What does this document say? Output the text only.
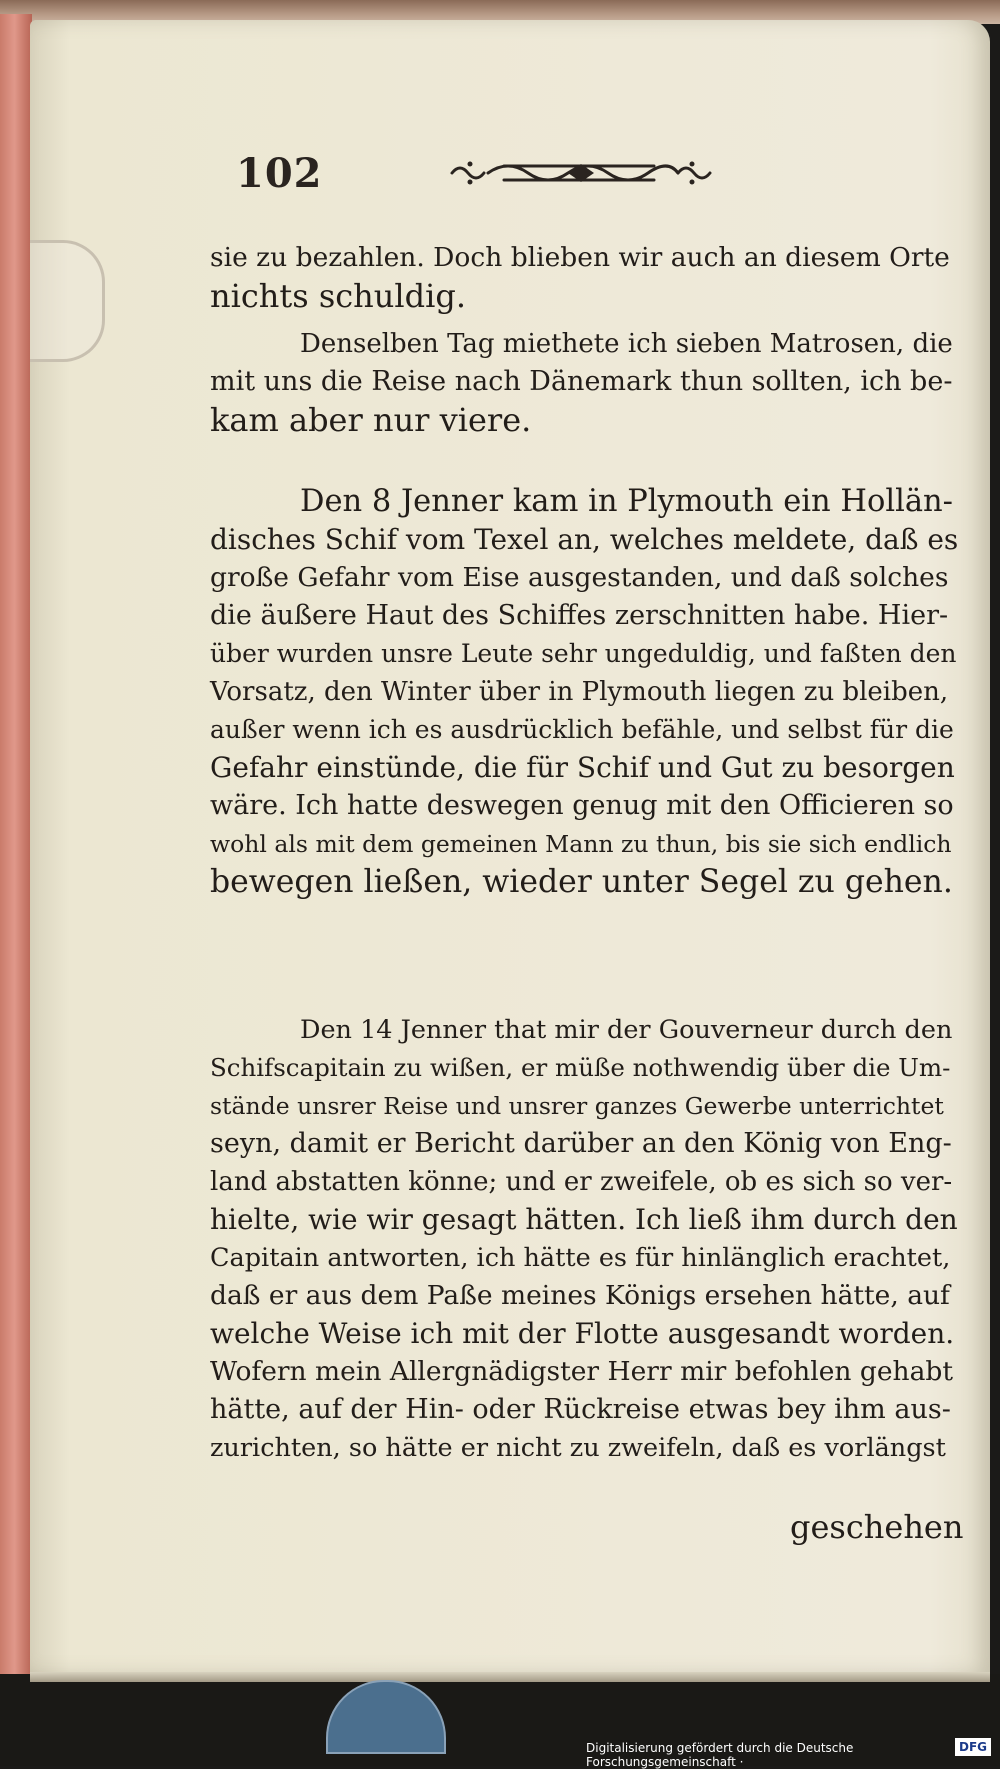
102
sie zu bezahlen. Doch blieben wir auch an diesem Orte
nichts schuldig.
Denselben Tag miethete ich sieben Matrosen, die
mit uns die Reise nach Dänemark thun sollten, ich be-
kam aber nur viere.
Den 8 Jenner kam in Plymouth ein Hollän-
disches Schif vom Texel an, welches meldete, daß es
große Gefahr vom Eise ausgestanden, und daß solches
die äußere Haut des Schiffes zerschnitten habe. Hier-
über wurden unsre Leute sehr ungeduldig, und faßten den
Vorsatz, den Winter über in Plymouth liegen zu bleiben,
außer wenn ich es ausdrücklich befähle, und selbst für die
Gefahr einstünde, die für Schif und Gut zu besorgen
wäre. Ich hatte deswegen genug mit den Officieren so
wohl als mit dem gemeinen Mann zu thun, bis sie sich endlich
bewegen ließen, wieder unter Segel zu gehen.
Den 14 Jenner that mir der Gouverneur durch den
Schifscapitain zu wißen, er müße nothwendig über die Um-
stände unsrer Reise und unsrer ganzes Gewerbe unterrichtet
seyn, damit er Bericht darüber an den König von Eng-
land abstatten könne; und er zweifele, ob es sich so ver-
hielte, wie wir gesagt hätten. Ich ließ ihm durch den
Capitain antworten, ich hätte es für hinlänglich erachtet,
daß er aus dem Paße meines Königs ersehen hätte, auf
welche Weise ich mit der Flotte ausgesandt worden.
Wofern mein Allergnädigster Herr mir befohlen gehabt
hätte, auf der Hin- oder Rückreise etwas bey ihm aus-
zurichten, so hätte er nicht zu zweifeln, daß es vorlängst
geschehen
Digitalisierung gefördert durch die Deutsche Forschungsgemeinschaft ·
DFG
